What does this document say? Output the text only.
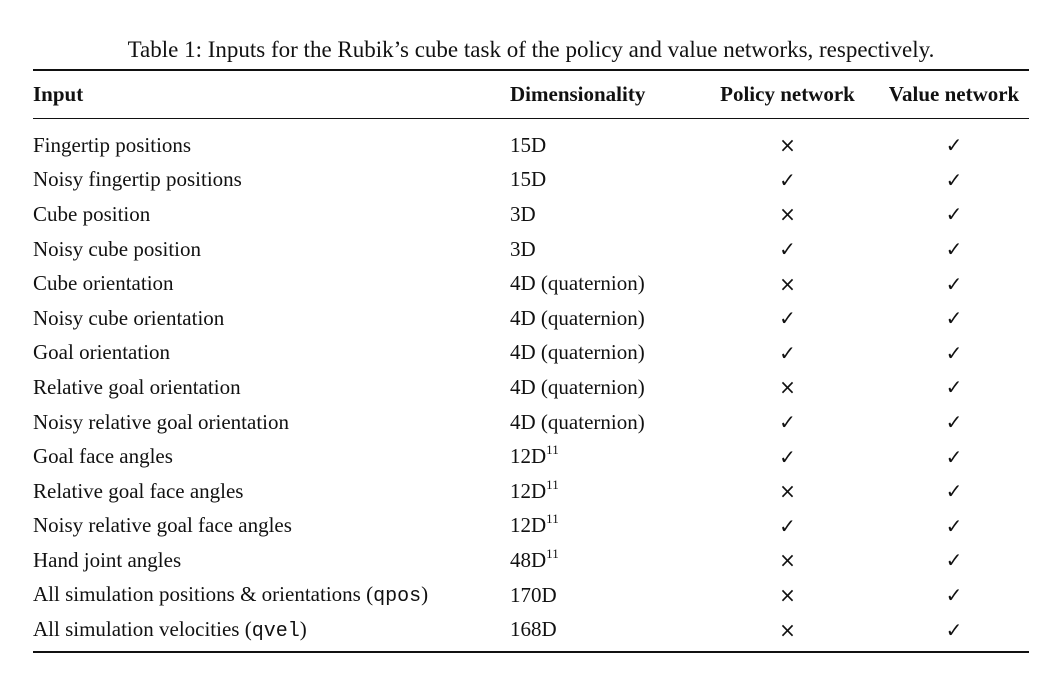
Table 1: Inputs for the Rubik’s cube task of the policy and value networks, respectively.
Input	Dimensionality	Policy network	Value network
Fingertip positions	15D	×	✓
Noisy fingertip positions	15D	✓	✓
Cube position	3D	×	✓
Noisy cube position	3D	✓	✓
Cube orientation	4D (quaternion)	×	✓
Noisy cube orientation	4D (quaternion)	✓	✓
Goal orientation	4D (quaternion)	✓	✓
Relative goal orientation	4D (quaternion)	×	✓
Noisy relative goal orientation	4D (quaternion)	✓	✓
Goal face angles	$12D^{11}$	✓	✓
Relative goal face angles	$12D^{11}$	×	✓
Noisy relative goal face angles	$12D^{11}$	✓	✓
Hand joint angles	$48D^{11}$	×	✓
All simulation positions & orientations (qpos)	170D	×	✓
All simulation velocities (qvel)	168D	×	✓
